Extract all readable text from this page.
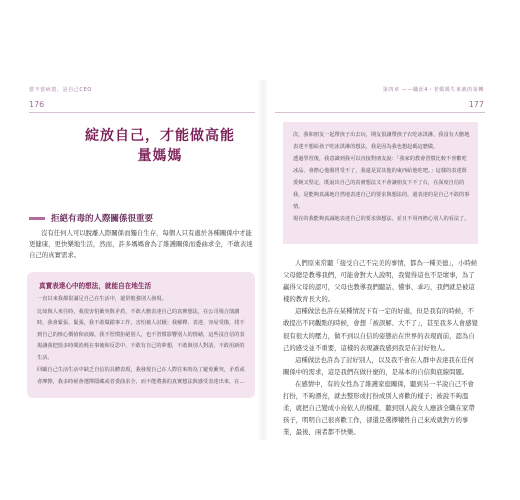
當不當病患，是自己CEO
176
綻放自己，才能做高能量媽媽
拒絕有毒的人際關係很重要

沒有任何人可以脫離人際關係而獨自生存，每個人只有處於各種關係中才能更健康，更快樂地生活，然而，許多媽媽會為了維護關係而委曲求全，不敢表達自己的真實需求。

真實表達心中的想法，就能自在地生活

一直以來我都很滿足自己在生活中，還常勉強別人發現。

比如與人來往時，我很害怕衝突與矛盾，不敢大膽表達自己的真實想法，在公司場合演講時，我會緊張、緊張，我不敢做錯事工作，害怕被人討厭；我解釋、表達、容易受傷，找不到自己的核心價值和底線，我不習慣拒絕別人，也不習慣影響別人的情緒，這些沒自信的表現讓我把很多時間消耗在事後和反思中，不敢有自己的夢想，不敢與別人對話，不敢用新的生活。

回顧自己生活生活中缺乏自信的具體表現，我發現自己在人際往來時為了避免衝突，矛盾或者摩擦，我多時候會選擇隱藏或者委曲求全，而不能將我的真實想法與感受表達出來，在...

第四章 ——職涯4・老媽媽生來就的第轉
177

次，我和朋友一起帶孩子出去玩，期友很讓帶孩子衣吃冰淇淋，我沒有大膽地表達不想給孩子吃冰淇淋的想法，我是因為我也想起碼這麼做。

透過學習後，我意識到我可以直接對朋友說：「我家的教會習慣比較不喜歡吃冰品，會擔心他腸胃受不了，我還是買其他的東西給他吃吧。」這樣的表達既委婉又堅定，既說出自己的真實想法又不會讓朋友下不了台，在深度自信的我，是能夠真誠地自然地表達自己的要求與想法的，還表達的是自己不敢的事情。

現在的我能夠真誠地表達自己的要求與想法，並且不用再擔心別人的看法了。

人們原來常聽「接受自己不完美的事情，都為一種美德」，小時候父母總是教導我們，可能會對大人說明，我覺得這也不是壞事，為了贏得父母的認可，父母也教導我們聽話、懂事、乖巧，我們就是被這樣的教育長大的。

這種做法也許在某種情況下有一定的好處，但是我有的時候，不敢提出不同觀點的時候，會想「被誤解、大不了」，甚至我多人會感覺很有很大的壓力，做不到以自信的姿態站在世界的表現面前，認為自己的感受並不重要，這樣的表現讓我感到我是在討好他人。

這種做法也許為了討好別人，以及我不會在人群中表達我在任何關係中的需求，這是我們在做什麼的，是基本的自信與底線問題。

在感情中，有的女性為了維護家庭關係，聽到另一半說自己不會打扮，不夠漂亮，就去整形或打扮成別人喜歡的樣子；被說不夠溫柔，就把自己變成小鳥依人的模樣，聽到別人說女人應該全職在家帶孩子，明明自己很喜歡工作，卻還是選擇犧牲自己來成就對方的事業，最後，兩者都不快樂。
